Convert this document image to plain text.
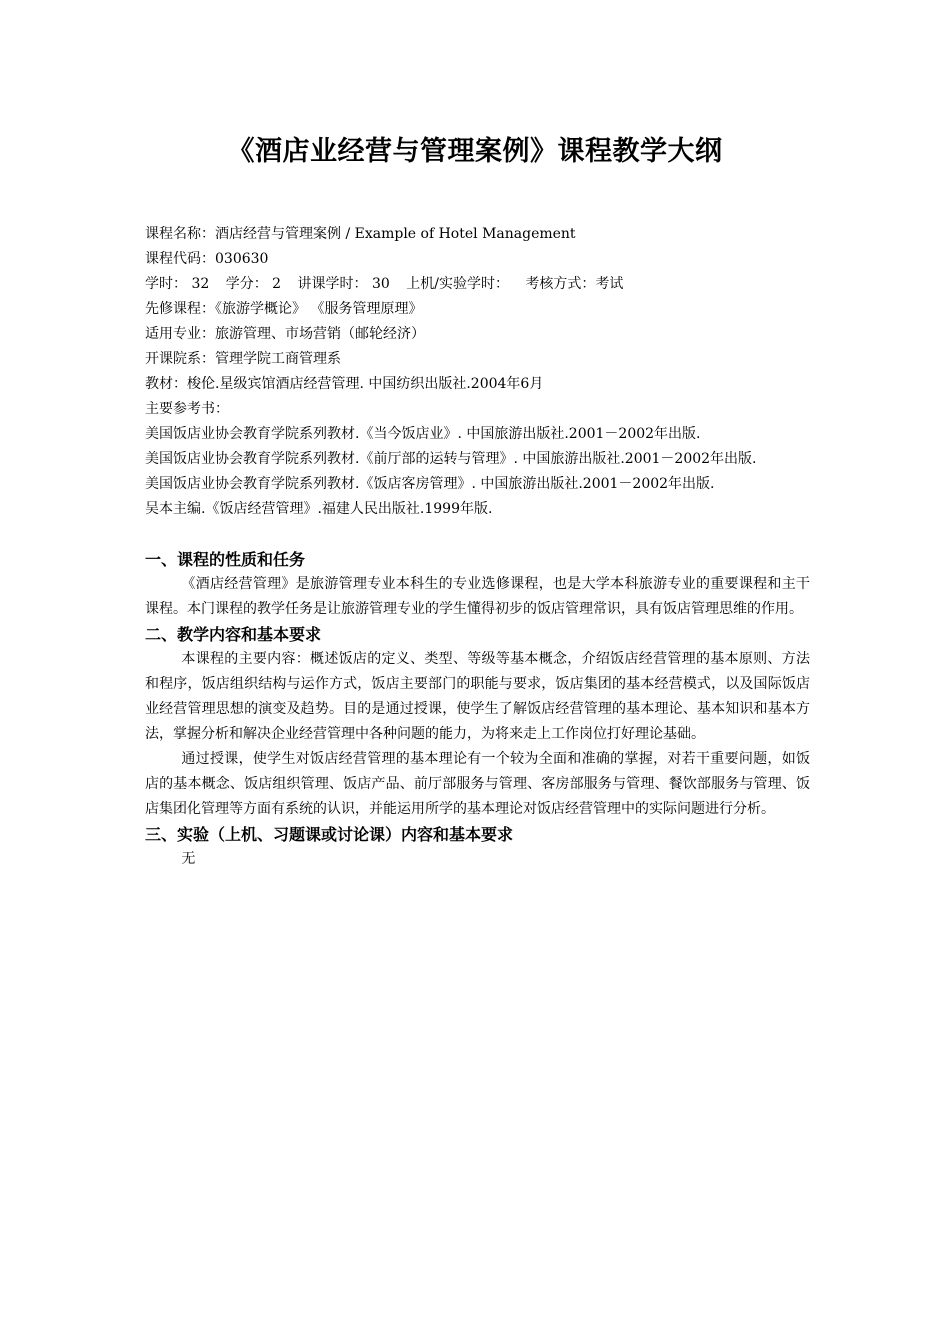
《酒店业经营与管理案例》课程教学大纲
课程名称：酒店经营与管理案例 / Example of Hotel Management
课程代码：030630
学时： 32 学分： 2 讲课学时： 30 上机/实验学时： 考核方式：考试
先修课程：《旅游学概论》 《服务管理原理》
适用专业：旅游管理、市场营销（邮轮经济）
开课院系：管理学院工商管理系
教材：梭伦.星级宾馆酒店经营管理. 中国纺织出版社.2004年6月
主要参考书：
美国饭店业协会教育学院系列教材.《当今饭店业》. 中国旅游出版社.2001－2002年出版.
美国饭店业协会教育学院系列教材.《前厅部的运转与管理》. 中国旅游出版社.2001－2002年出版.
美国饭店业协会教育学院系列教材.《饭店客房管理》. 中国旅游出版社.2001－2002年出版.
吴本主编.《饭店经营管理》.福建人民出版社.1999年版.
一、课程的性质和任务
《酒店经营管理》是旅游管理专业本科生的专业选修课程，也是大学本科旅游专业的重要课程和主干课程。本门课程的教学任务是让旅游管理专业的学生懂得初步的饭店管理常识，具有饭店管理思维的作用。
二、教学内容和基本要求
本课程的主要内容：概述饭店的定义、类型、等级等基本概念，介绍饭店经营管理的基本原则、方法和程序，饭店组织结构与运作方式，饭店主要部门的职能与要求，饭店集团的基本经营模式，以及国际饭店业经营管理思想的演变及趋势。目的是通过授课，使学生了解饭店经营管理的基本理论、基本知识和基本方法，掌握分析和解决企业经营管理中各种问题的能力，为将来走上工作岗位打好理论基础。
通过授课，使学生对饭店经营管理的基本理论有一个较为全面和准确的掌握，对若干重要问题，如饭店的基本概念、饭店组织管理、饭店产品、前厅部服务与管理、客房部服务与管理、餐饮部服务与管理、饭店集团化管理等方面有系统的认识，并能运用所学的基本理论对饭店经营管理中的实际问题进行分析。
三、实验（上机、习题课或讨论课）内容和基本要求
无
